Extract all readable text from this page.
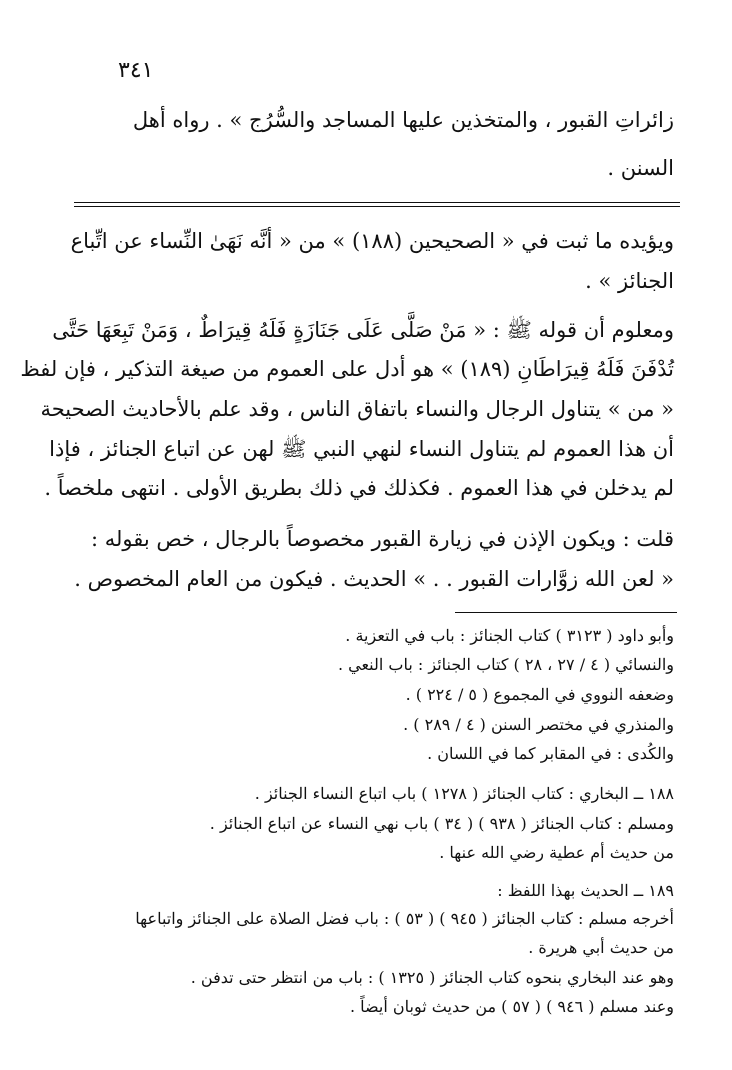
٣٤١
زائراتِ القبور ، والمتخذين عليها المساجد والسُّرُج » . رواه أهل
السنن .
ويؤيده ما ثبت في « الصحيحين (١٨٨) » من « أنَّه نَهَىٰ النِّساء عن اتِّباع
الجنائز » .
ومعلوم أن قوله ﷺ : « مَنْ صَلَّى عَلَى جَنَازَةٍ فَلَهُ قِيرَاطٌ ، وَمَنْ تَبِعَهَا حَتَّى
تُدْفَنَ فَلَهُ قِيرَاطَانِ (١٨٩) » هو أدل على العموم من صيغة التذكير ، فإن لفظ
« من » يتناول الرجال والنساء باتفاق الناس ، وقد علم بالأحاديث الصحيحة
أن هذا العموم لم يتناول النساء لنهي النبي ﷺ لهن عن اتباع الجنائز ، فإذا
لم يدخلن في هذا العموم . فكذلك في ذلك بطريق الأولى . انتهى ملخصاً .
قلت : ويكون الإذن في زيارة القبور مخصوصاً بالرجال ، خص بقوله :
« لعن الله زوَّارات القبور . . » الحديث . فيكون من العام المخصوص .
وأبو داود ( ٣١٢٣ ) كتاب الجنائز : باب في التعزية .
والنسائي ( ٤ / ٢٧ ، ٢٨ ) كتاب الجنائز : باب النعي .
وضعفه النووي في المجموع ( ٥ / ٢٢٤ ) .
والمنذري في مختصر السنن ( ٤ / ٢٨٩ ) .
والكُدى : في المقابر كما في اللسان .
١٨٨ ــ البخاري : كتاب الجنائز ( ١٢٧٨ ) باب اتباع النساء الجنائز .
ومسلم : كتاب الجنائز ( ٩٣٨ ) ( ٣٤ ) باب نهي النساء عن اتباع الجنائز .
من حديث أم عطية رضي الله عنها .
١٨٩ ــ الحديث بهذا اللفظ :
أخرجه مسلم : كتاب الجنائز ( ٩٤٥ ) ( ٥٣ ) : باب فضل الصلاة على الجنائز واتباعها
من حديث أبي هريرة .
وهو عند البخاري بنحوه كتاب الجنائز ( ١٣٢٥ ) : باب من انتظر حتى تدفن .
وعند مسلم ( ٩٤٦ ) ( ٥٧ ) من حديث ثوبان أيضاً .
